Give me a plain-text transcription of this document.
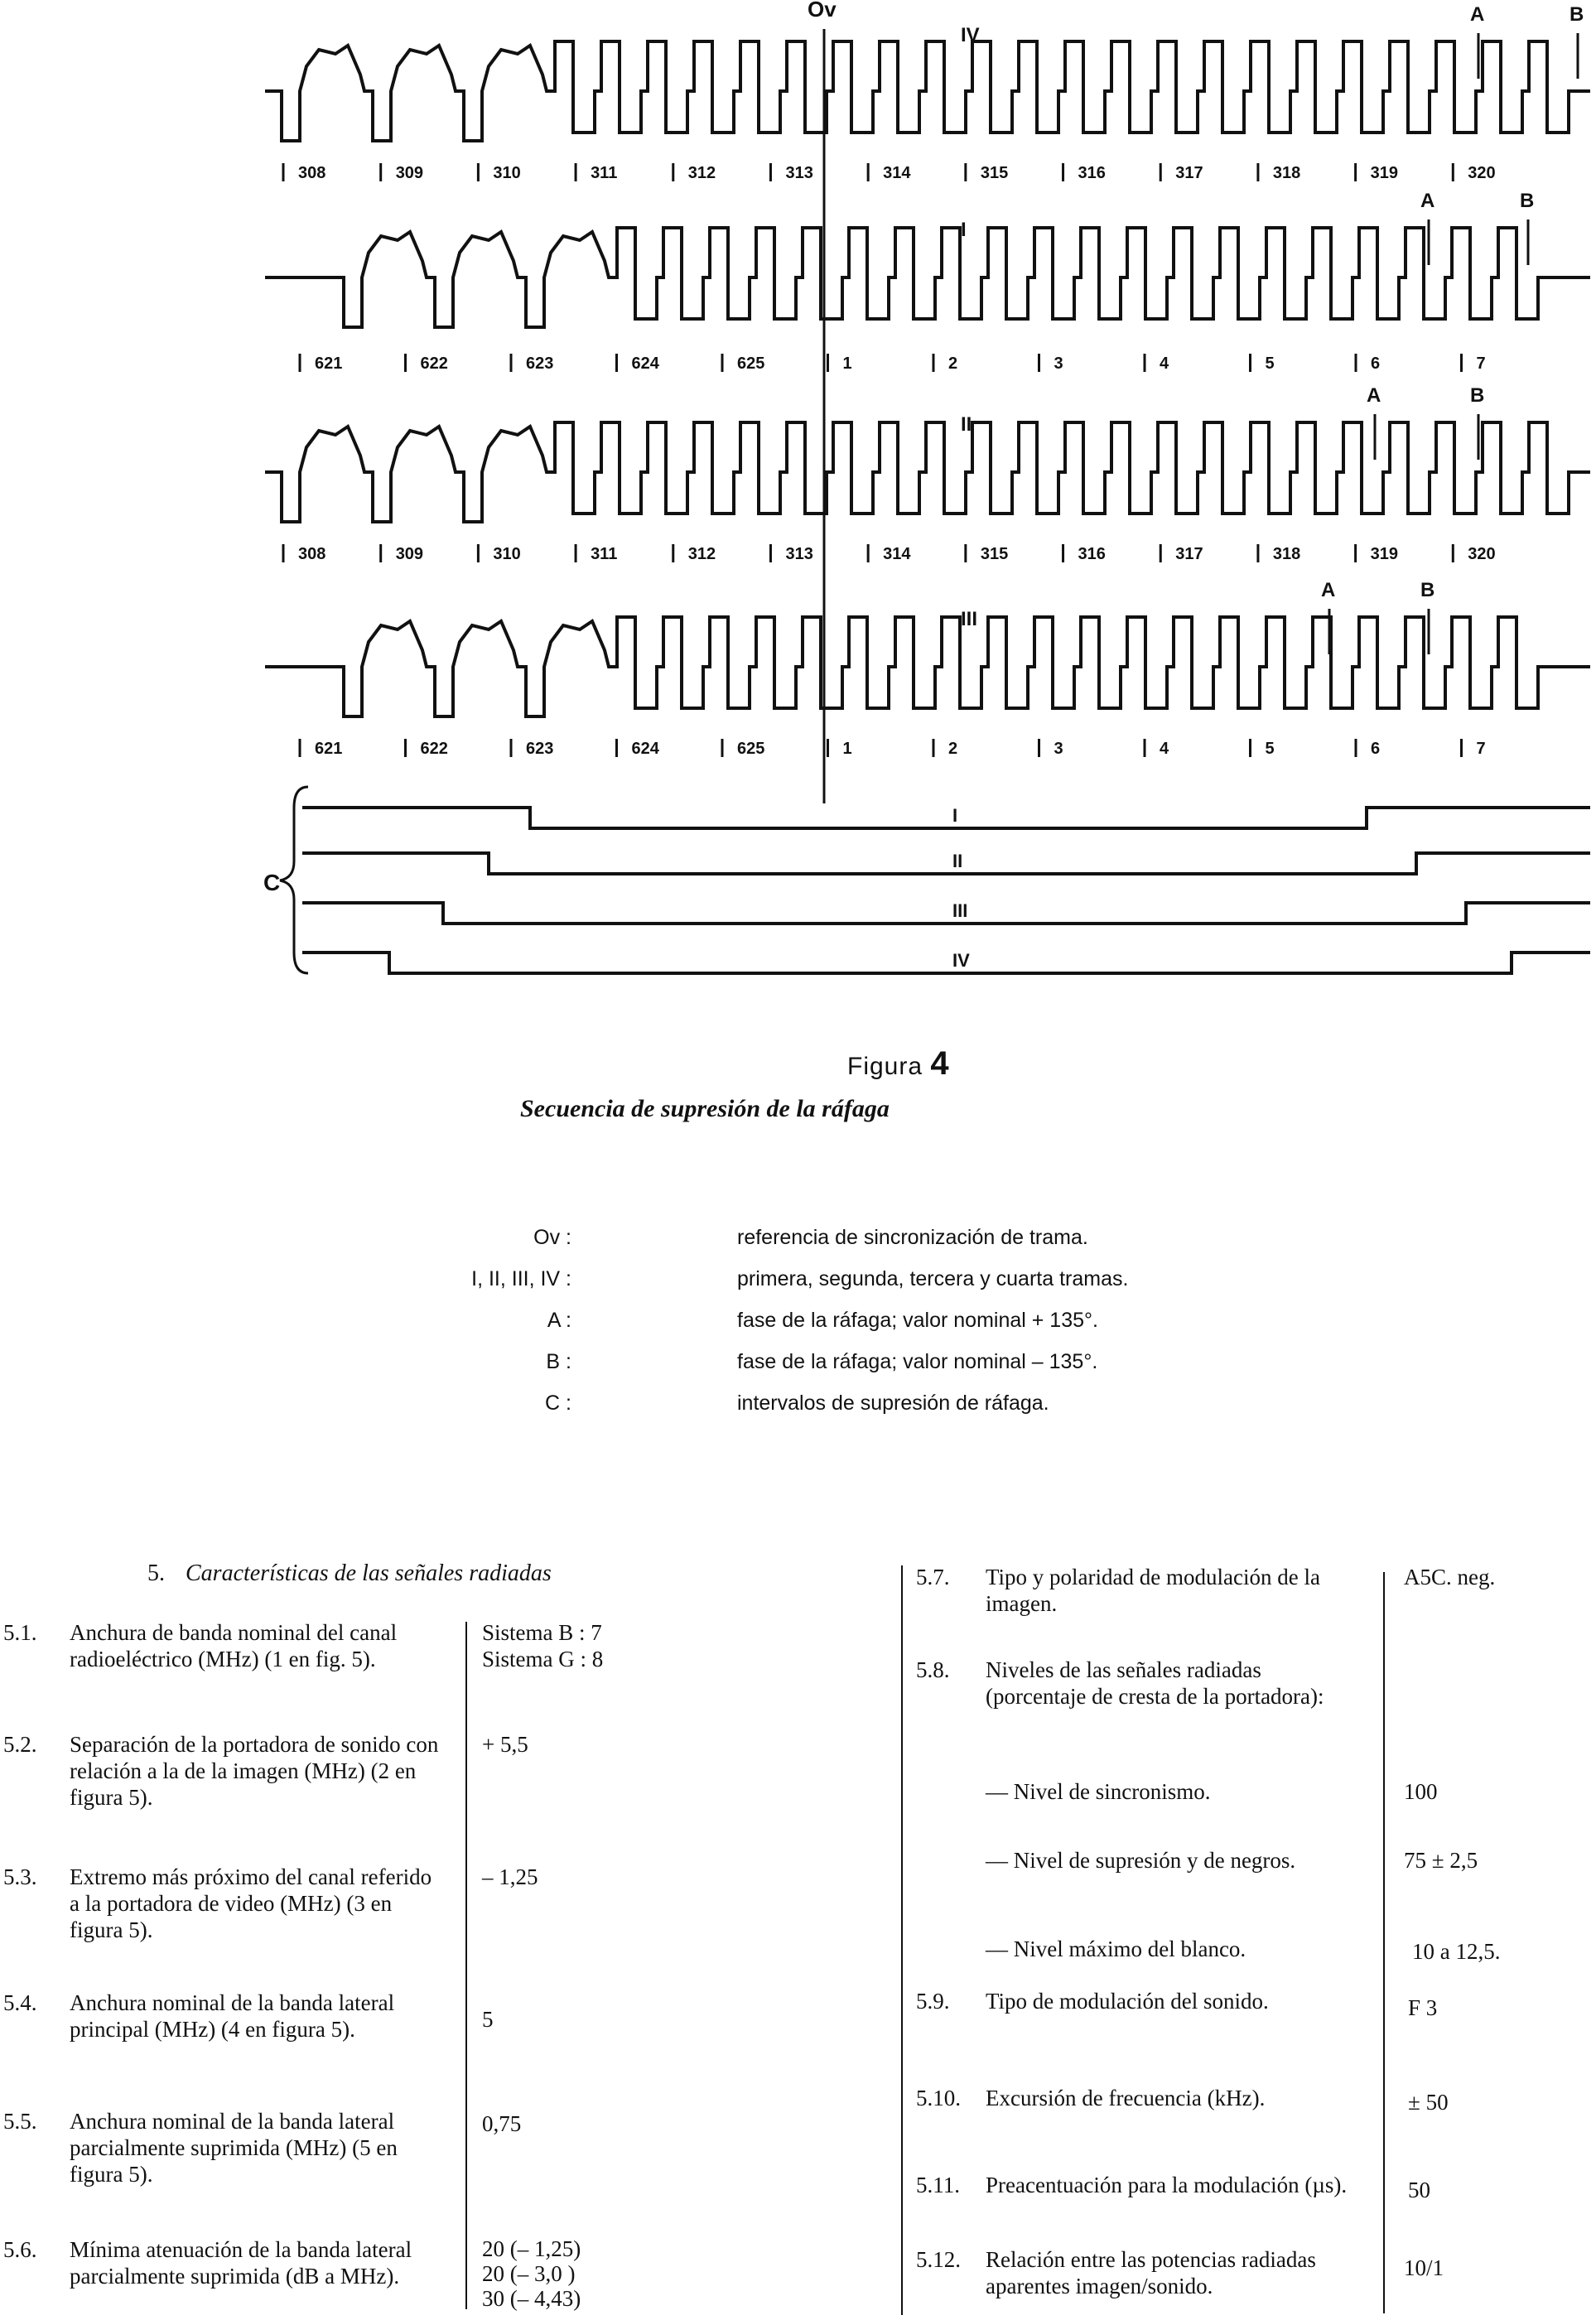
308	309	310	311	312	313	314	315	316	317	318	319	320
IV
621	622	623	624	625	1	2	3	4	5	6	7
I
308	309	310	311	312	313	314	315	316	317	318	319	320
II
621	622	623	624	625	1	2	3	4	5	6	7
III
A	B
A	B
A	B
A	B
I
II
III
IV
Ov
C
Figura 4
Secuencia de supresión de la ráfaga
Ov :	referencia de sincronización de trama.
I, II, III, IV :	primera, segunda, tercera y cuarta tramas.
A :	fase de la ráfaga; valor nominal + 135°.
B :	fase de la ráfaga; valor nominal – 135°.
C :	intervalos de supresión de ráfaga.
5. Características de las señales radiadas
5.1. Anchura de banda nominal del canal radioeléctrico (MHz) (1 en fig. 5).
Sistema B : 7
Sistema G : 8
5.2. Separación de la portadora de sonido con relación a la de la imagen (MHz) (2 en figura 5).
+ 5,5
5.3. Extremo más próximo del canal referido a la portadora de video (MHz) (3 en figura 5).
– 1,25
5.4. Anchura nominal de la banda lateral principal (MHz) (4 en figura 5).	5
5.5. Anchura nominal de la banda lateral parcialmente suprimida (MHz) (5 en figura 5).
0,75
5.6. Mínima atenuación de la banda lateral parcialmente suprimida (dB a MHz).
20 (– 1,25)
20 (– 3,0 )
30 (– 4,43)
5.7. Tipo y polaridad de modulación de la imagen.
A5C. neg.
5.8. Niveles de las señales radiadas (porcentaje de cresta de la portadora):
— Nivel de sincronismo.	100
— Nivel de supresión y de negros.	75 ± 2,5
— Nivel máximo del blanco.	10 a 12,5.
5.9. Tipo de modulación del sonido.	F 3
5.10. Excursión de frecuencia (kHz).	± 50
5.11. Preacentuación para la modulación (µs).	50
5.12. Relación entre las potencias radiadas aparentes imagen/sonido.
10/1
